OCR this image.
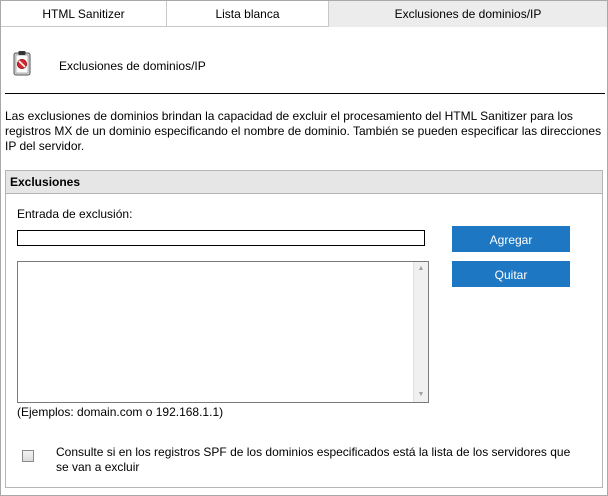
HTML Sanitizer	Lista blanca	Exclusiones de dominios/IP
Exclusiones de dominios/IP
Las exclusiones de dominios brindan la capacidad de excluir el procesamiento del HTML Sanitizer para los registros MX de un dominio especificando el nombre de dominio. También se pueden especificar las direcciones IP del servidor.
Exclusiones
Entrada de exclusión:
▲
▼
Agregar
Quitar
(Ejemplos: domain.com o 192.168.1.1)
Consulte si en los registros SPF de los dominios especificados está la lista de los servidores que se van a excluir
